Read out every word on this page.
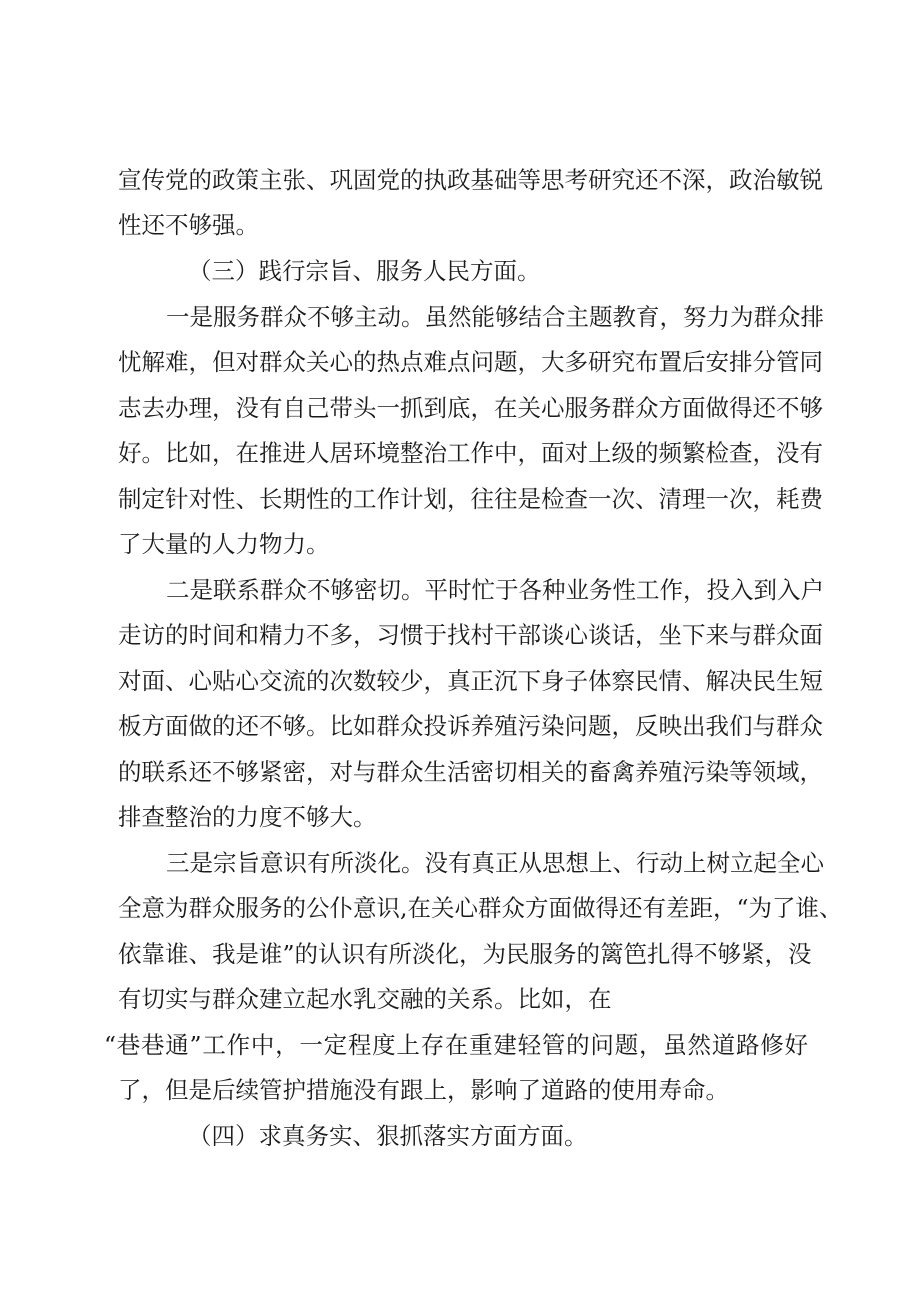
宣传党的政策主张、巩固党的执政基础等思考研究还不深，政治敏锐
性还不够强。
（三）践行宗旨、服务人民方面。
一是服务群众不够主动。虽然能够结合主题教育，努力为群众排
忧解难，但对群众关心的热点难点问题，大多研究布置后安排分管同
志去办理，没有自己带头一抓到底，在关心服务群众方面做得还不够
好。比如，在推进人居环境整治工作中，面对上级的频繁检查，没有
制定针对性、长期性的工作计划，往往是检查一次、清理一次，耗费
了大量的人力物力。
二是联系群众不够密切。平时忙于各种业务性工作，投入到入户
走访的时间和精力不多，习惯于找村干部谈心谈话，坐下来与群众面
对面、心贴心交流的次数较少，真正沉下身子体察民情、解决民生短
板方面做的还不够。比如群众投诉养殖污染问题，反映出我们与群众
的联系还不够紧密，对与群众生活密切相关的畜禽养殖污染等领域，
排查整治的力度不够大。
三是宗旨意识有所淡化。没有真正从思想上、行动上树立起全心
全意为群众服务的公仆意识,在关心群众方面做得还有差距，“为了谁、
依靠谁、我是谁”的认识有所淡化，为民服务的篱笆扎得不够紧，没
有切实与群众建立起水乳交融的关系。比如，在
“巷巷通”工作中，一定程度上存在重建轻管的问题，虽然道路修好
了，但是后续管护措施没有跟上，影响了道路的使用寿命。
（四）求真务实、狠抓落实方面方面。
